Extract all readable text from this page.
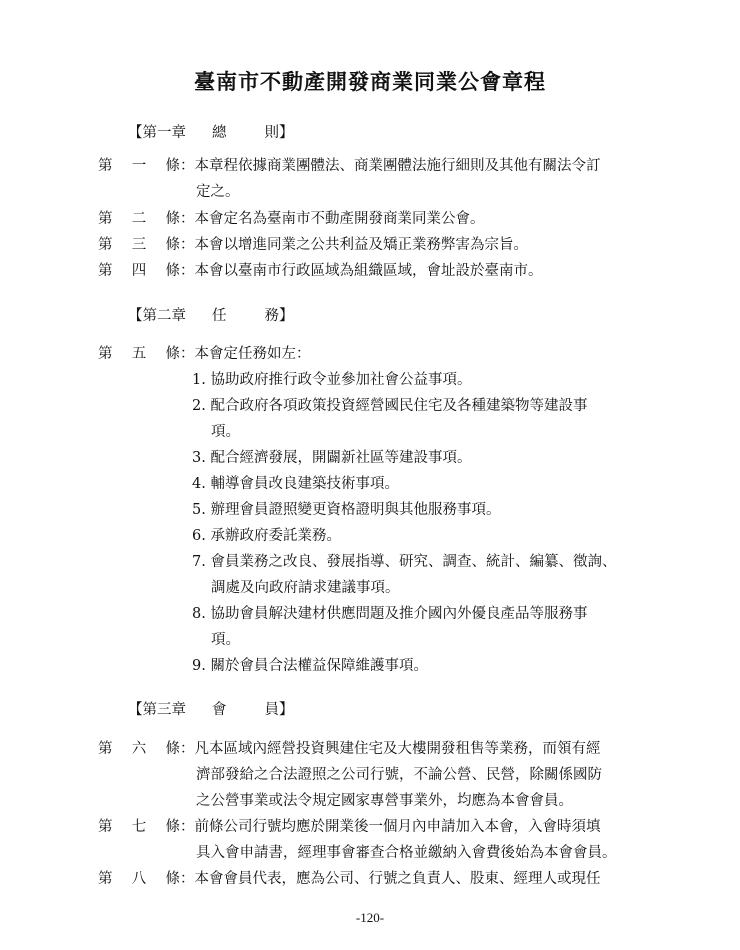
臺南市不動產開發商業同業公會章程
【第一章 總	則】
第 一 條 ：本章程依據商業團體法、商業團體法施行細則及其他有關法令訂
定之。
第 二 條 ：本會定名為臺南市不動產開發商業同業公會。
第 三 條 ：本會以增進同業之公共利益及矯正業務弊害為宗旨。
第 四 條 ：本會以臺南市行政區域為組織區域，會址設於臺南市。
【第二章 任	務】
第 五 條 ：本會定任務如左：
1. 協助政府推行政令並參加社會公益事項。
2. 配合政府各項政策投資經營國民住宅及各種建築物等建設事
項。
3. 配合經濟發展，開闢新社區等建設事項。
4. 輔導會員改良建築技術事項。
5. 辦理會員證照變更資格證明與其他服務事項。
6. 承辦政府委託業務。
7. 會員業務之改良、發展指導、研究、調查、統計、編纂、徵詢、
調處及向政府請求建議事項。
8. 協助會員解決建材供應問題及推介國內外優良產品等服務事
項。
9. 關於會員合法權益保障維護事項。
【第三章 會	員】
第 六 條 ：凡本區域內經營投資興建住宅及大樓開發租售等業務，而領有經
濟部發給之合法證照之公司行號，不論公營、民營，除關係國防
之公營事業或法令規定國家專營事業外，均應為本會會員。
第 七 條 ：前條公司行號均應於開業後一個月內申請加入本會，入會時須填
具入會申請書，經理事會審查合格並繳納入會費後始為本會會員。
第 八 條 ：本會會員代表，應為公司、行號之負責人、股東、經理人或現任
-120-
